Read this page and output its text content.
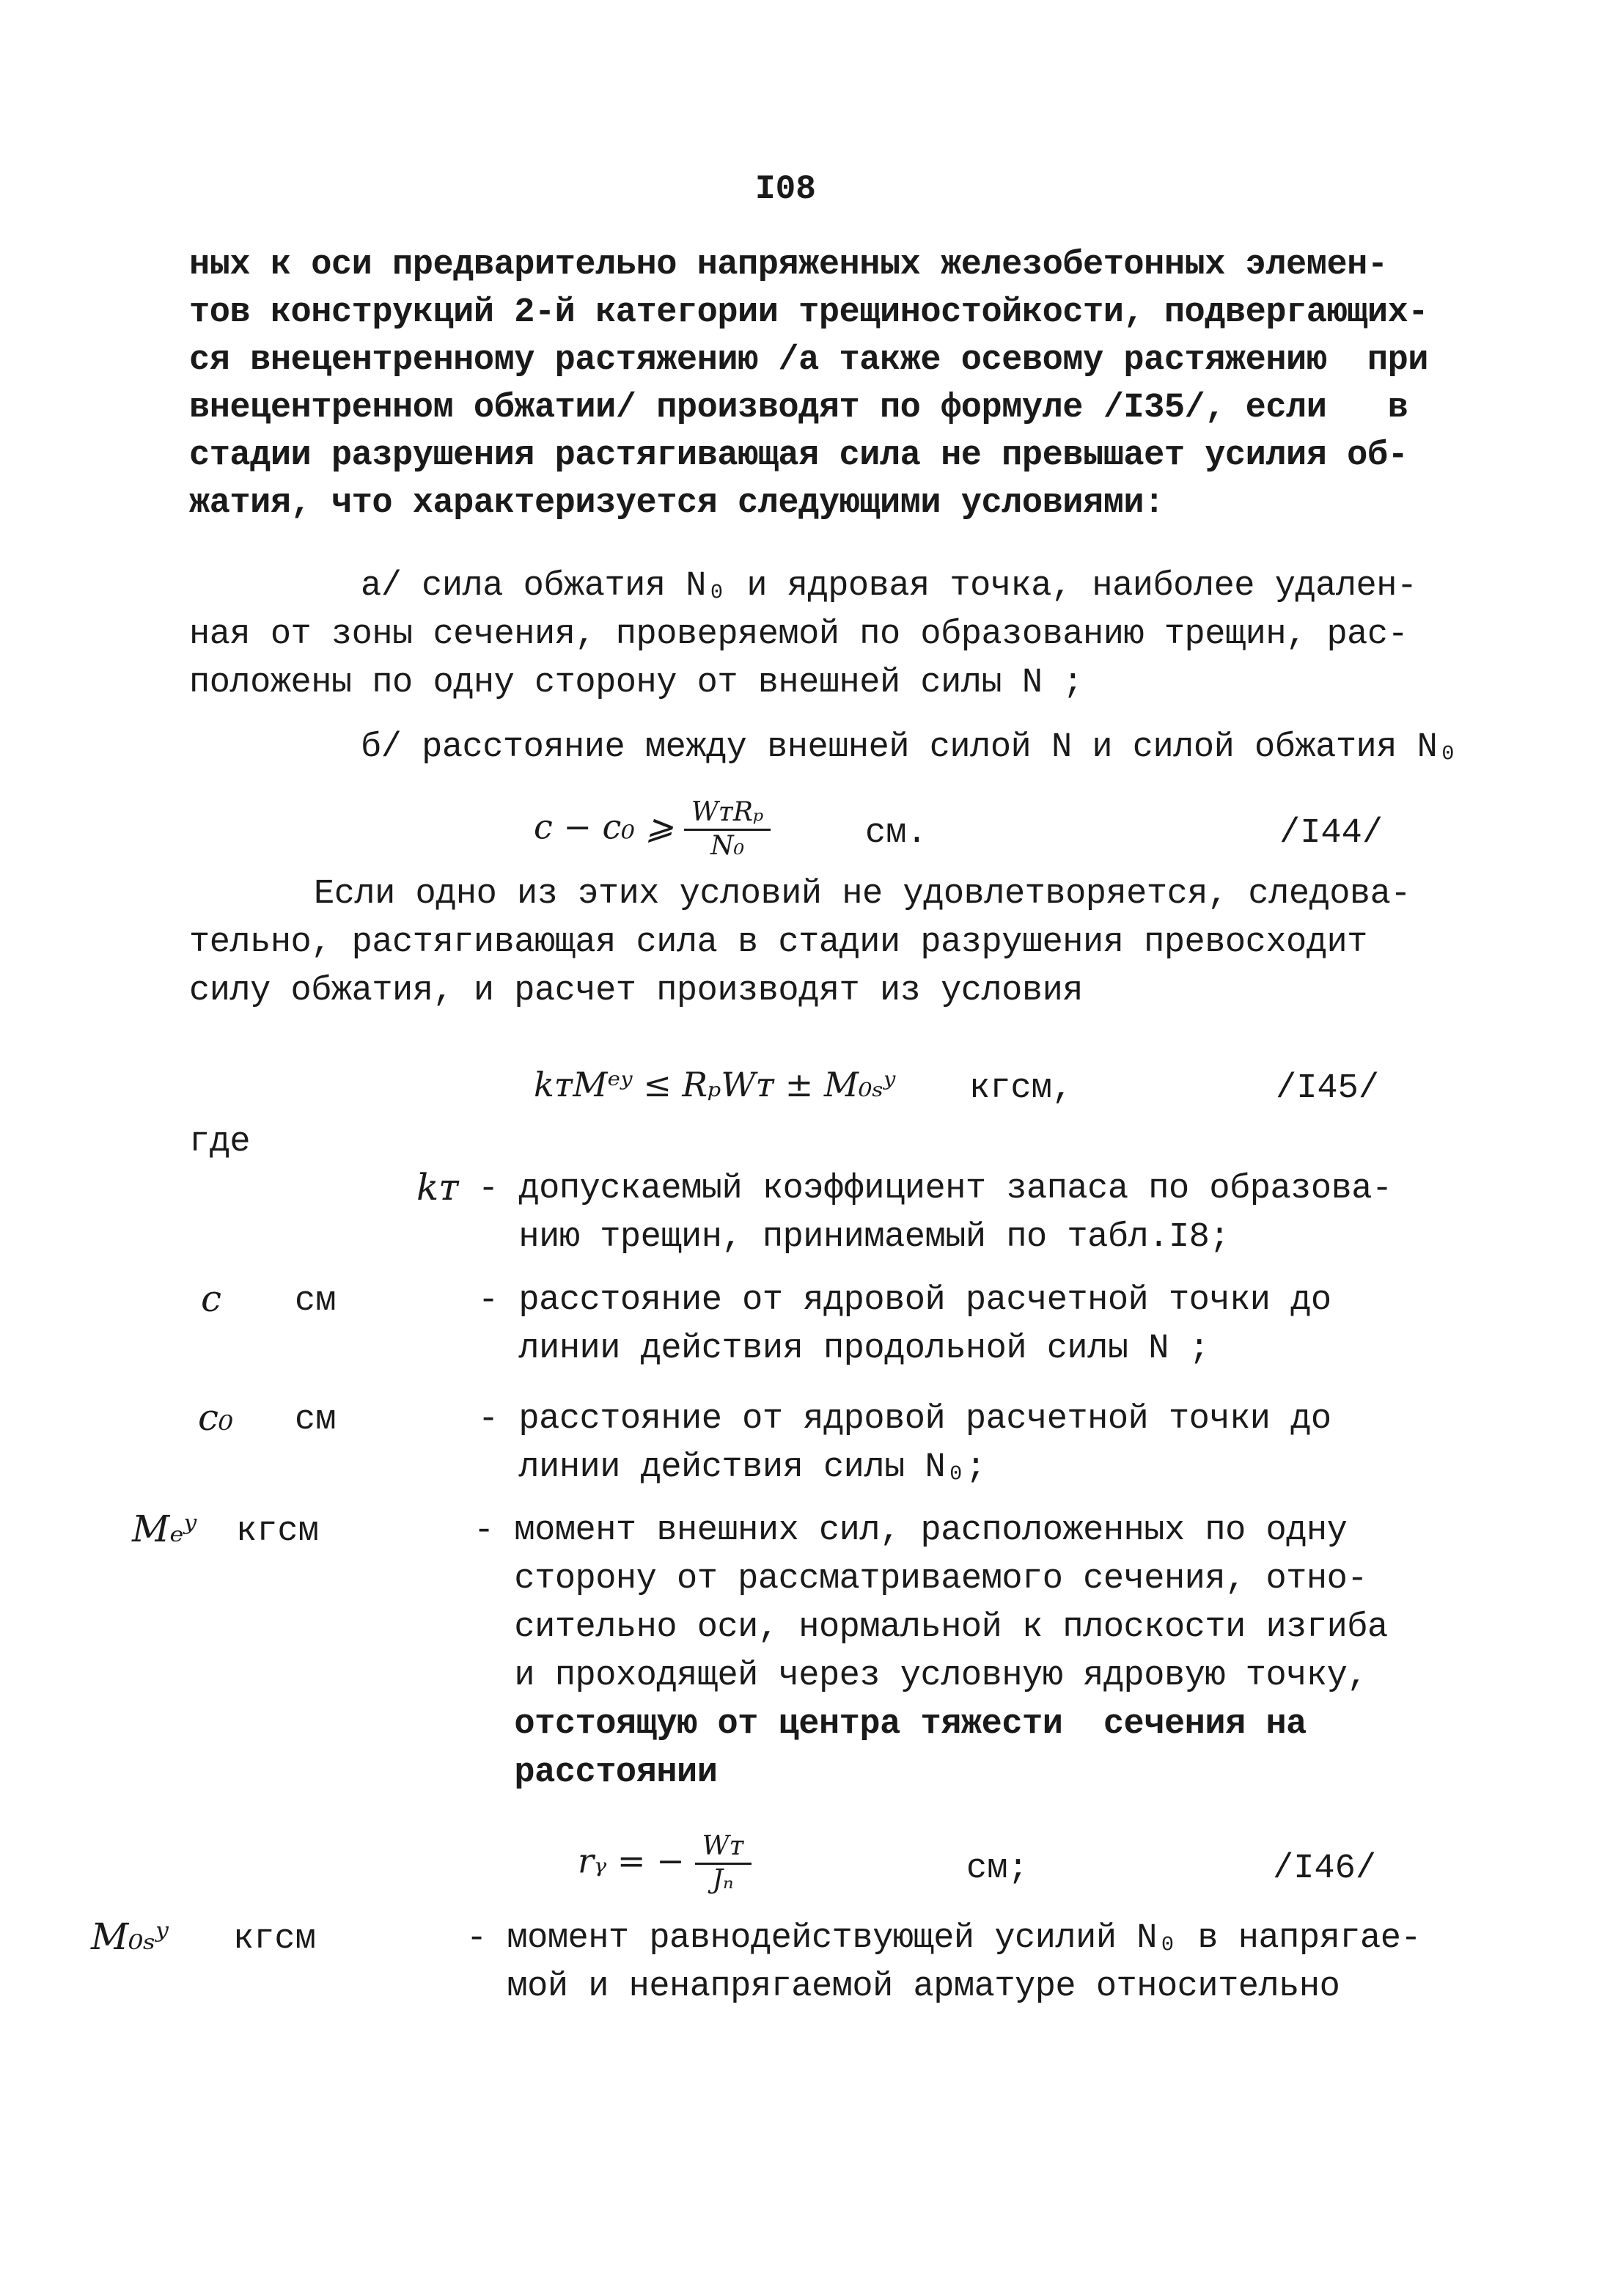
I08
ных к оси предварительно напряженных железобетонных элемен-
тов конструкций 2-й категории трещиностойкости, подвергающих-
ся внецентренному растяжению /а также осевому растяжению  при
внецентренном обжатии/ производят по формуле /I35/, если   в
стадии разрушения растягивающая сила не превышает усилия об-
жатия, что характеризуется следующими условиями:
а/ сила обжатия N₀ и ядровая точка, наиболее удален-
ная от зоны сечения, проверяемой по образованию трещин, рас-
положены по одну сторону от внешней силы N ;
б/ расстояние между внешней силой N и силой обжатия N₀
c − c₀ ⩾ $\frac{\text{WᴛRₚ}}{\text{N₀}}$	см.	/I44/
Если одно из этих условий не удовлетворяется, следова-
тельно, растягивающая сила в стадии разрушения превосходит
силу обжатия, и расчет производят из условия
kᴛMᵉʸ ≤ RₚWᴛ ± M₀ₛʸ кгсм,	/I45/
где
kᴛ - допускаемый коэффициент запаса по образова-
нию трещин, принимаемый по табл.I8;
c см	- расстояние от ядровой расчетной точки до
линии действия продольной силы N ;
c₀ см	- расстояние от ядровой расчетной точки до
линии действия силы N₀;
Mₑʸ кгсм	- момент внешних сил, расположенных по одну
сторону от рассматриваемого сечения, отно-
сительно оси, нормальной к плоскости изгиба
и проходящей через условную ядровую точку,
отстоящую от центра тяжести  сечения на
расстоянии
rᵧ = − $\frac{\text{Wᴛ}}{\text{Jₙ}}$	см;	/I46/
M₀ₛʸ кгсм	- момент равнодействующей усилий N₀ в напрягае-
мой и ненапрягаемой арматуре относительно
